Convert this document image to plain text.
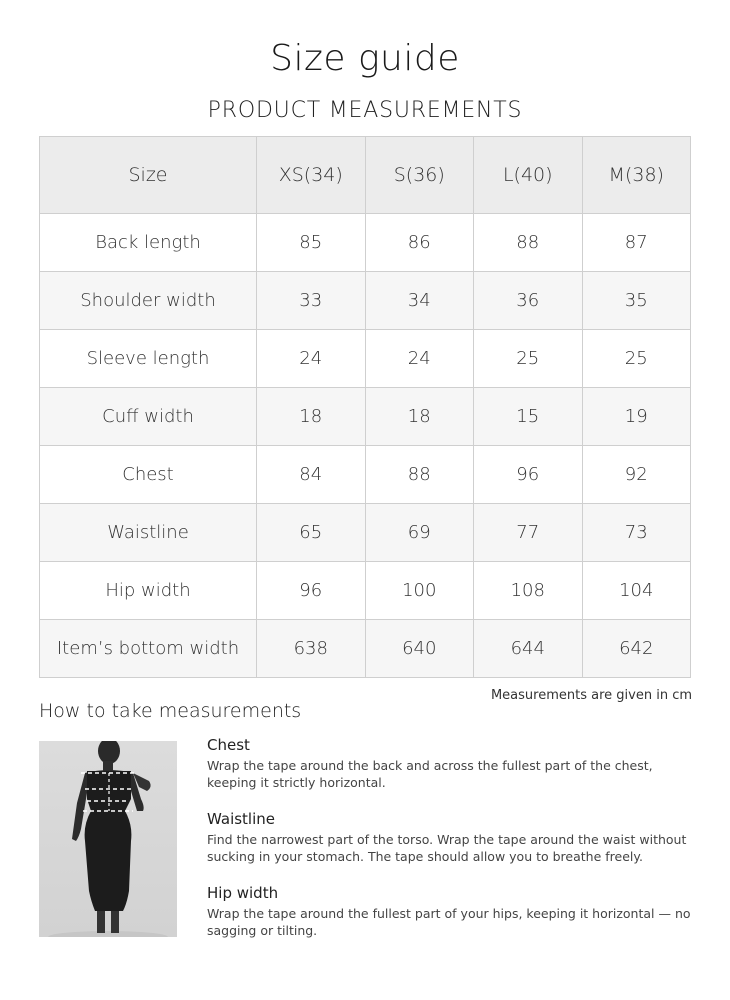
Size guide
PRODUCT MEASUREMENTS
Size	XS(34)	S(36)	L(40)	M(38)
Back length	85	86	88	87
Shoulder width	33	34	36	35
Sleeve length	24	24	25	25
Cuff width	18	18	15	19
Chest	84	88	96	92
Waistline	65	69	77	73
Hip width	96	100	108	104
Item’s bottom width	638	640	644	642
Measurements are given in cm
How to take measurements
Chest
Wrap the tape around the back and across the fullest part of the chest, keeping it strictly horizontal.
Waistline
Find the narrowest part of the torso. Wrap the tape around the waist without sucking in your stomach. The tape should allow you to breathe freely.
Hip width
Wrap the tape around the fullest part of your hips, keeping it horizontal — no sagging or tilting.
